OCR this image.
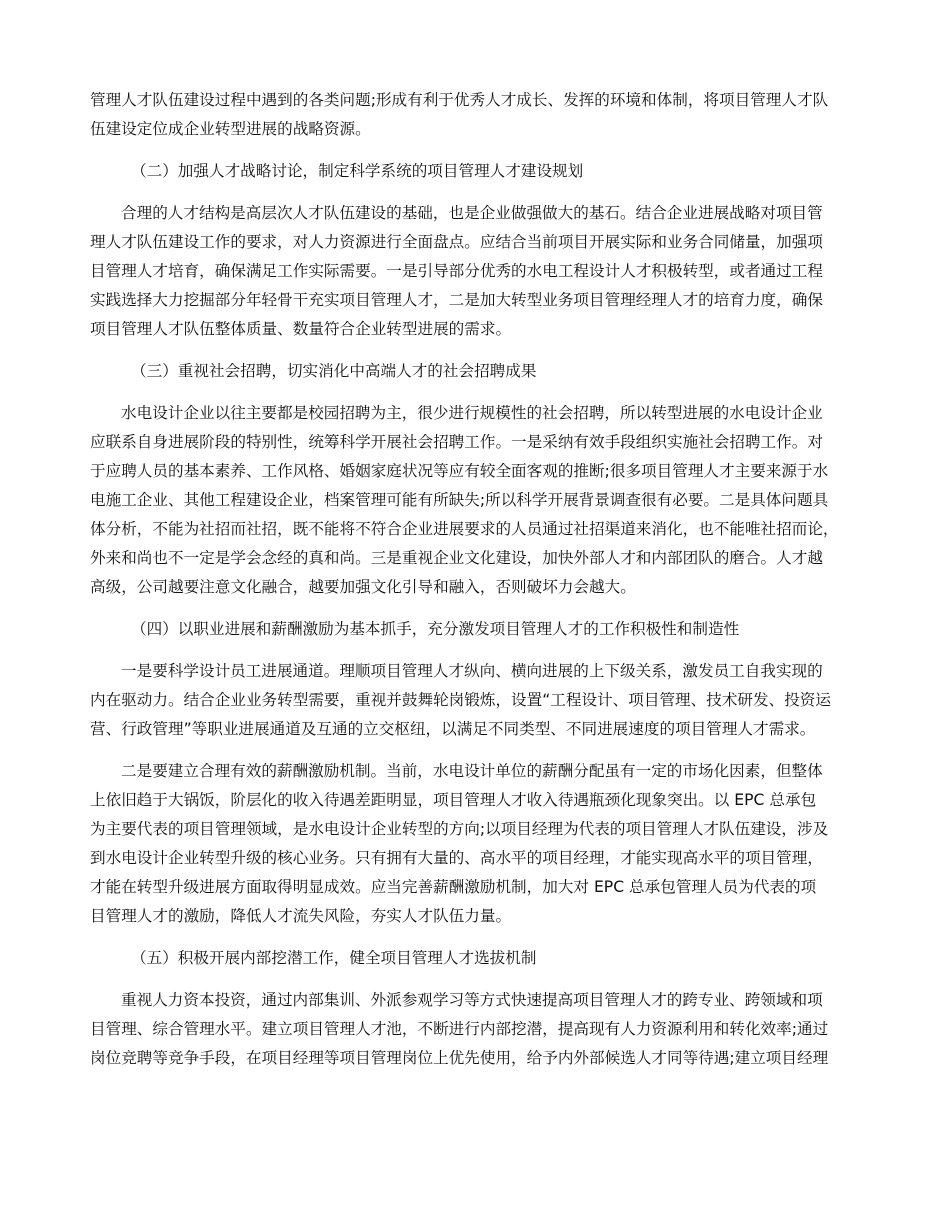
管理人才队伍建设过程中遇到的各类问题;形成有利于优秀人才成长、发挥的环境和体制，将项目管理人才队
伍建设定位成企业转型进展的战略资源。
（二）加强人才战略讨论，制定科学系统的项目管理人才建设规划
合理的人才结构是高层次人才队伍建设的基础，也是企业做强做大的基石。结合企业进展战略对项目管
理人才队伍建设工作的要求，对人力资源进行全面盘点。应结合当前项目开展实际和业务合同储量，加强项
目管理人才培育，确保满足工作实际需要。一是引导部分优秀的水电工程设计人才积极转型，或者通过工程
实践选择大力挖掘部分年轻骨干充实项目管理人才，二是加大转型业务项目管理经理人才的培育力度，确保
项目管理人才队伍整体质量、数量符合企业转型进展的需求。
（三）重视社会招聘，切实消化中高端人才的社会招聘成果
水电设计企业以往主要都是校园招聘为主，很少进行规模性的社会招聘，所以转型进展的水电设计企业
应联系自身进展阶段的特别性，统筹科学开展社会招聘工作。一是采纳有效手段组织实施社会招聘工作。对
于应聘人员的基本素养、工作风格、婚姻家庭状况等应有较全面客观的推断;很多项目管理人才主要来源于水
电施工企业、其他工程建设企业，档案管理可能有所缺失;所以科学开展背景调查很有必要。二是具体问题具
体分析，不能为社招而社招，既不能将不符合企业进展要求的人员通过社招渠道来消化，也不能唯社招而论，
外来和尚也不一定是学会念经的真和尚。三是重视企业文化建设，加快外部人才和内部团队的磨合。人才越
高级，公司越要注意文化融合，越要加强文化引导和融入，否则破坏力会越大。
（四）以职业进展和薪酬激励为基本抓手，充分激发项目管理人才的工作积极性和制造性
一是要科学设计员工进展通道。理顺项目管理人才纵向、横向进展的上下级关系，激发员工自我实现的
内在驱动力。结合企业业务转型需要，重视并鼓舞轮岗锻炼，设置“工程设计、项目管理、技术研发、投资运
营、行政管理”等职业进展通道及互通的立交枢纽，以满足不同类型、不同进展速度的项目管理人才需求。
二是要建立合理有效的薪酬激励机制。当前，水电设计单位的薪酬分配虽有一定的市场化因素，但整体
上依旧趋于大锅饭，阶层化的收入待遇差距明显，项目管理人才收入待遇瓶颈化现象突出。以 EPC 总承包
为主要代表的项目管理领域，是水电设计企业转型的方向;以项目经理为代表的项目管理人才队伍建设，涉及
到水电设计企业转型升级的核心业务。只有拥有大量的、高水平的项目经理，才能实现高水平的项目管理，
才能在转型升级进展方面取得明显成效。应当完善薪酬激励机制，加大对 EPC 总承包管理人员为代表的项
目管理人才的激励，降低人才流失风险，夯实人才队伍力量。
（五）积极开展内部挖潜工作，健全项目管理人才选拔机制
重视人力资本投资，通过内部集训、外派参观学习等方式快速提高项目管理人才的跨专业、跨领域和项
目管理、综合管理水平。建立项目管理人才池，不断进行内部挖潜，提高现有人力资源利用和转化效率;通过
岗位竞聘等竞争手段，在项目经理等项目管理岗位上优先使用，给予内外部候选人才同等待遇;建立项目经理
